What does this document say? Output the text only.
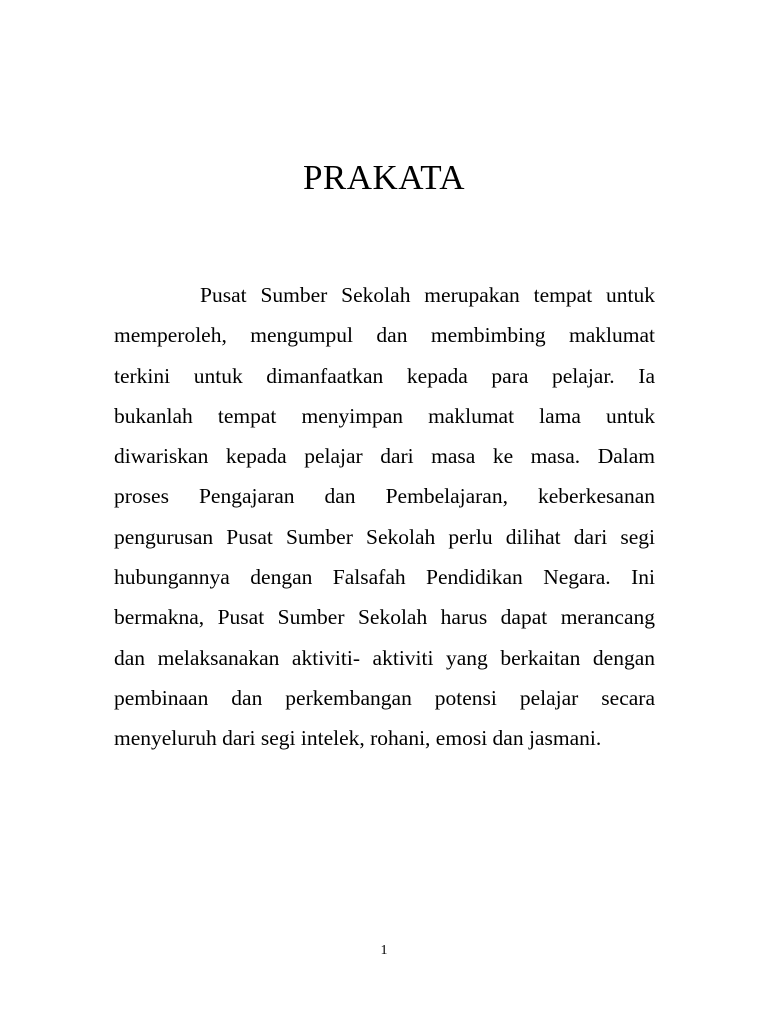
PRAKATA
Pusat Sumber Sekolah merupakan tempat untuk
memperoleh, mengumpul dan membimbing maklumat
terkini untuk dimanfaatkan kepada para pelajar. Ia
bukanlah tempat menyimpan maklumat lama untuk
diwariskan kepada pelajar dari masa ke masa. Dalam
proses Pengajaran dan Pembelajaran, keberkesanan
pengurusan Pusat Sumber Sekolah perlu dilihat dari segi
hubungannya dengan Falsafah Pendidikan Negara. Ini
bermakna, Pusat Sumber Sekolah harus dapat merancang
dan melaksanakan aktiviti- aktiviti yang berkaitan dengan
pembinaan dan perkembangan potensi pelajar secara
menyeluruh dari segi intelek, rohani, emosi dan jasmani.
1
